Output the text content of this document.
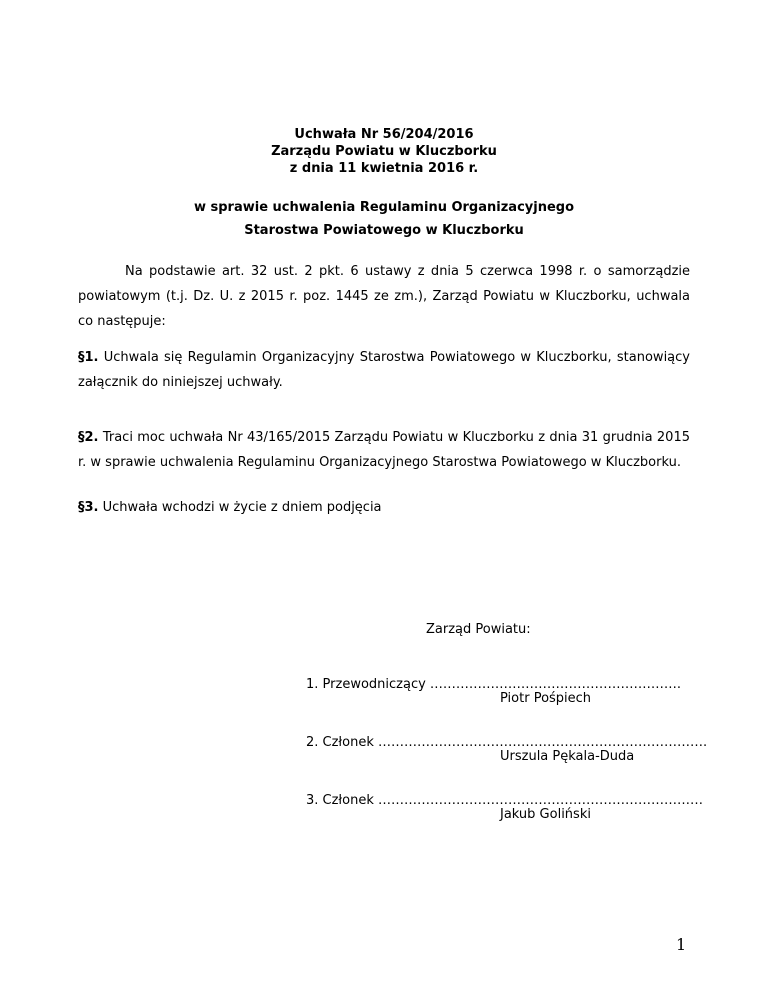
Uchwała Nr 56/204/2016
Zarządu Powiatu w Kluczborku
z dnia 11 kwietnia 2016 r.
w sprawie uchwalenia Regulaminu Organizacyjnego
Starostwa Powiatowego w Kluczborku
Na podstawie art. 32 ust. 2 pkt. 6 ustawy z dnia 5 czerwca 1998 r. o samorządzie powiatowym (t.j. Dz. U. z 2015 r. poz. 1445 ze zm.), Zarząd Powiatu w Kluczborku, uchwala co następuje:
§1. Uchwala się Regulamin Organizacyjny Starostwa Powiatowego w Kluczborku, stanowiący załącznik do niniejszej uchwały.
§2. Traci moc uchwała Nr 43/165/2015 Zarządu Powiatu w Kluczborku z dnia 31 grudnia 2015 r. w sprawie uchwalenia Regulaminu Organizacyjnego Starostwa Powiatowego w Kluczborku.
§3. Uchwała wchodzi w życie z dniem podjęcia
Zarząd Powiatu:
1. Przewodniczący ………………………………………………….
Piotr Pośpiech
2. Członek ………………………………………………………………….
Urszula Pękala-Duda
3. Członek …………………………………………………………………
Jakub Goliński
1
